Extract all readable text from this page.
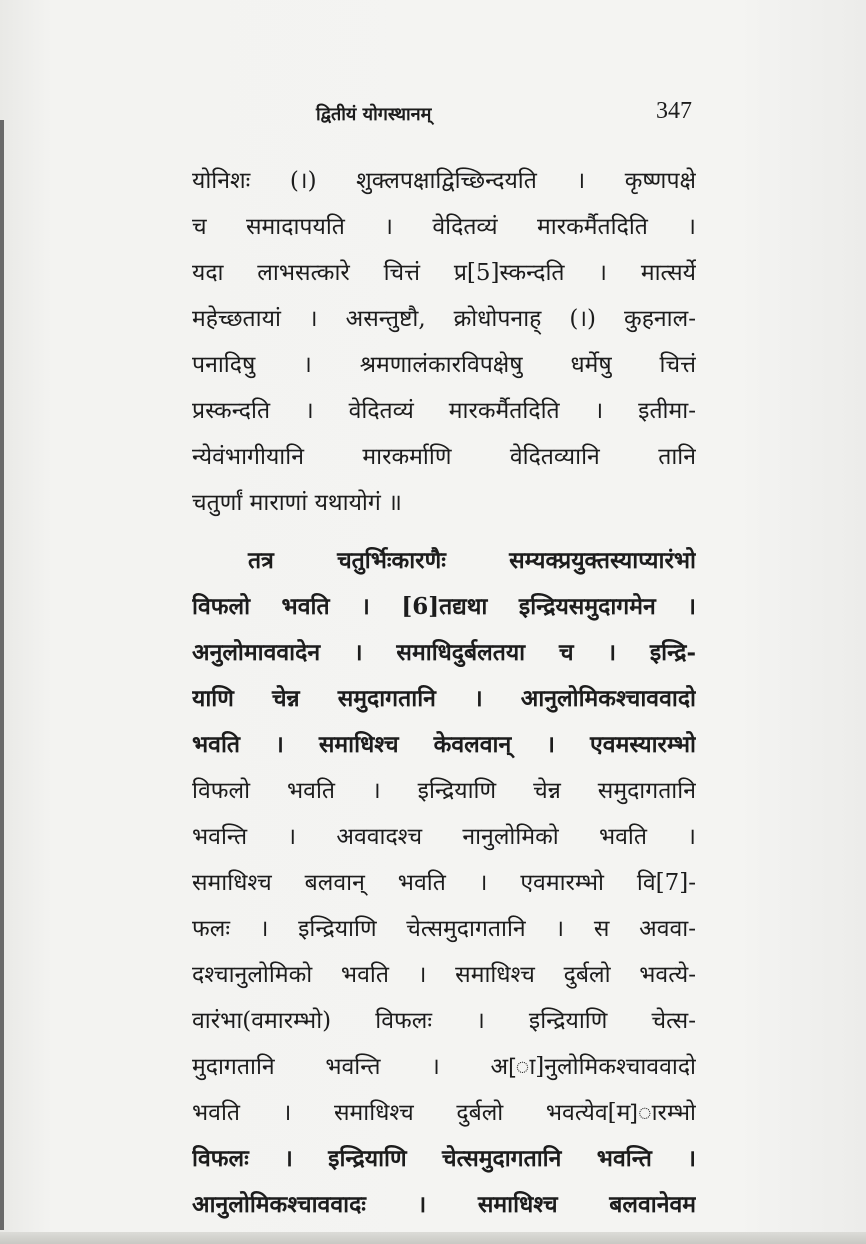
द्वितीयं योगस्थानम्	347
योनिशः (।) शुक्लपक्षाद्विच्छिन्दयति । कृष्णपक्षे
च समादापयति । वेदितव्यं मारकर्मैतदिति ।
यदा लाभसत्कारे चित्तं प्र[5]स्कन्दति । मात्सर्ये
महेच्छतायां । असन्तुष्टौ, क्रोधोपनाह् (।) कुहनाल-
पनादिषु । श्रमणालंकारविपक्षेषु धर्मेषु चित्तं
प्रस्कन्दति । वेदितव्यं मारकर्मैतदिति । इतीमा-
न्येवंभागीयानि मारकर्माणि वेदितव्यानि तानि
चतुर्णां माराणां यथायोगं ॥
तत्र चतुर्भिःकारणैः सम्यक्प्रयुक्तस्याप्यारंभो
विफलो भवति । [6]तद्यथा इन्द्रियसमुदागमेन ।
अनुलोमाववादेन । समाधिदुर्बलतया च । इन्द्रि-
याणि चेन्न समुदागतानि । आनुलोमिकश्चाववादो
भवति । समाधिश्च केवलवान् । एवमस्यारम्भो
विफलो भवति । इन्द्रियाणि चेन्न समुदागतानि
भवन्ति । अववादश्च नानुलोमिको भवति ।
समाधिश्च बलवान् भवति । एवमारम्भो वि[7]-
फलः । इन्द्रियाणि चेत्समुदागतानि । स अववा-
दश्चानुलोमिको भवति । समाधिश्च दुर्बलो भवत्ये-
वारंभा(वमारम्भो) विफलः । इन्द्रियाणि चेत्स-
मुदागतानि भवन्ति । अ[ा]नुलोमिकश्चाववादो
भवति । समाधिश्च दुर्बलो भवत्येव[म]ारम्भो
विफलः । इन्द्रियाणि चेत्समुदागतानि भवन्ति ।
आनुलोमिकश्चाववादः । समाधिश्च बलवानेवम
